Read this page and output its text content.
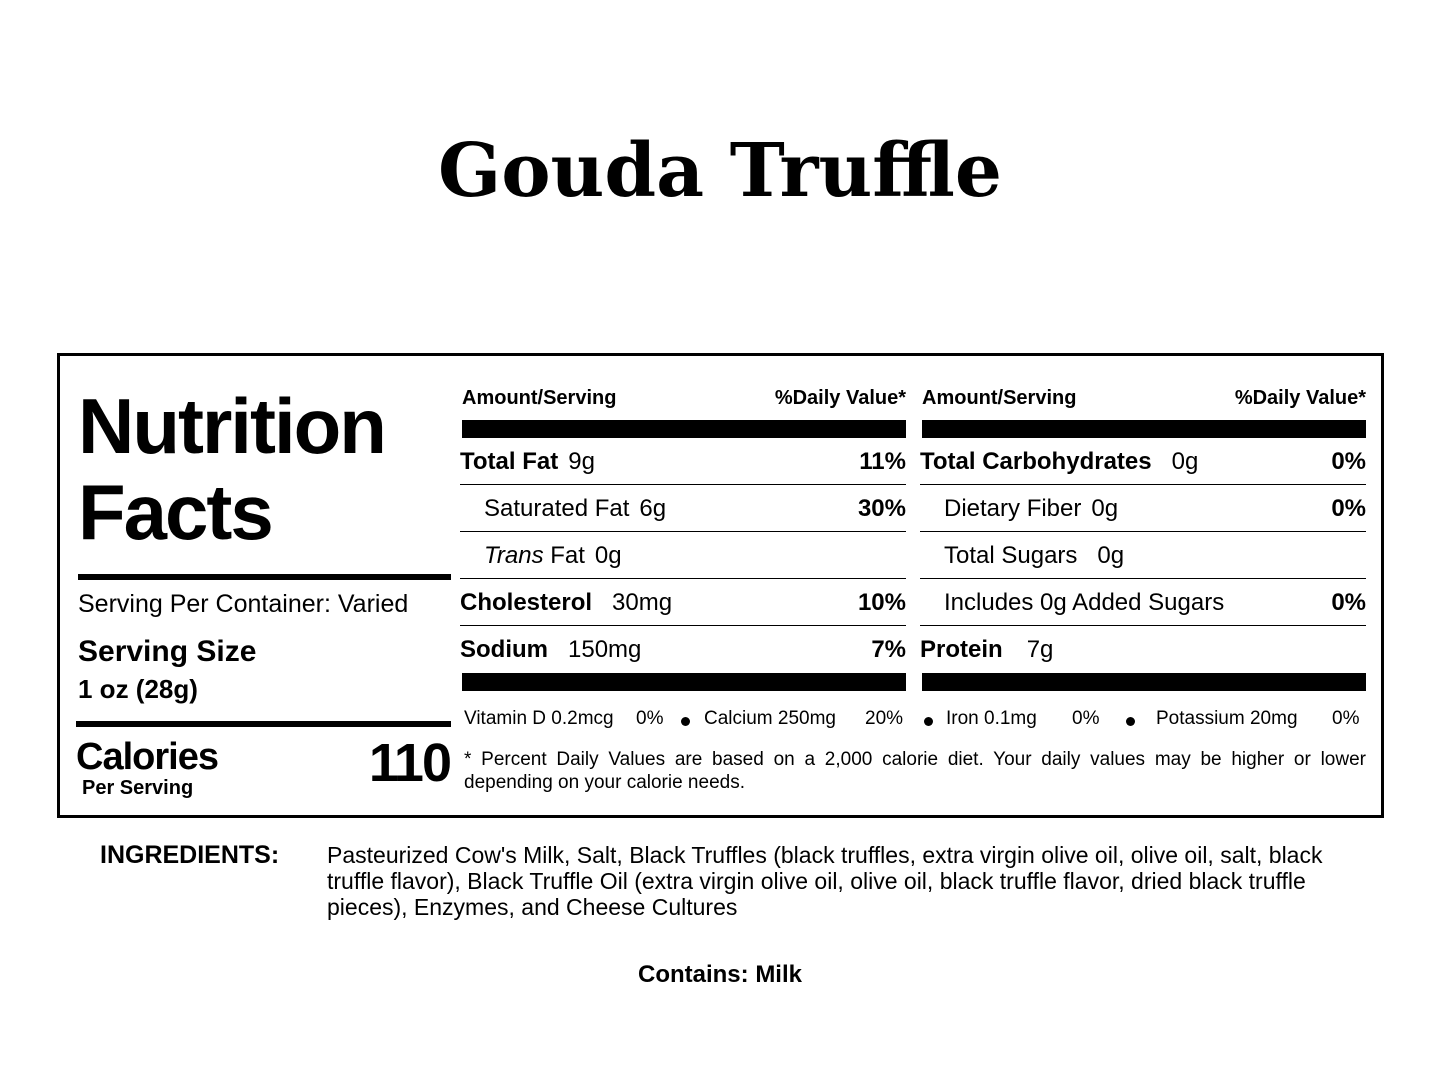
Gouda Truffle
Nutrition
Facts
Serving Per Container: Varied
Serving Size
1 oz (28g)
Calories
Per Serving	110
Amount/Serving	%Daily Value*
Total Fat 9g	11%
Saturated Fat 6g	30%
Trans Fat 0g
Cholesterol 30mg	10%
Sodium 150mg	7%
Amount/Serving	%Daily Value*
Total Carbohydrates 0g	0%
Dietary Fiber 0g	0%
Total Sugars 0g
Includes 0g Added Sugars	0%
Protein 7g
Vitamin D 0.2mcg 0% Calcium 250mg 20% Iron 0.1mg 0%	Potassium 20mg 0%
* Percent Daily Values are based on a 2,000 calorie diet. Your daily values may be higher or lower depending on your calorie needs.
INGREDIENTS: Pasteurized Cow's Milk, Salt, Black Truffles (black truffles, extra virgin olive oil, olive oil, salt, black truffle flavor), Black Truffle Oil (extra virgin olive oil, olive oil, black truffle flavor, dried black truffle pieces), Enzymes, and Cheese Cultures
Contains: Milk
